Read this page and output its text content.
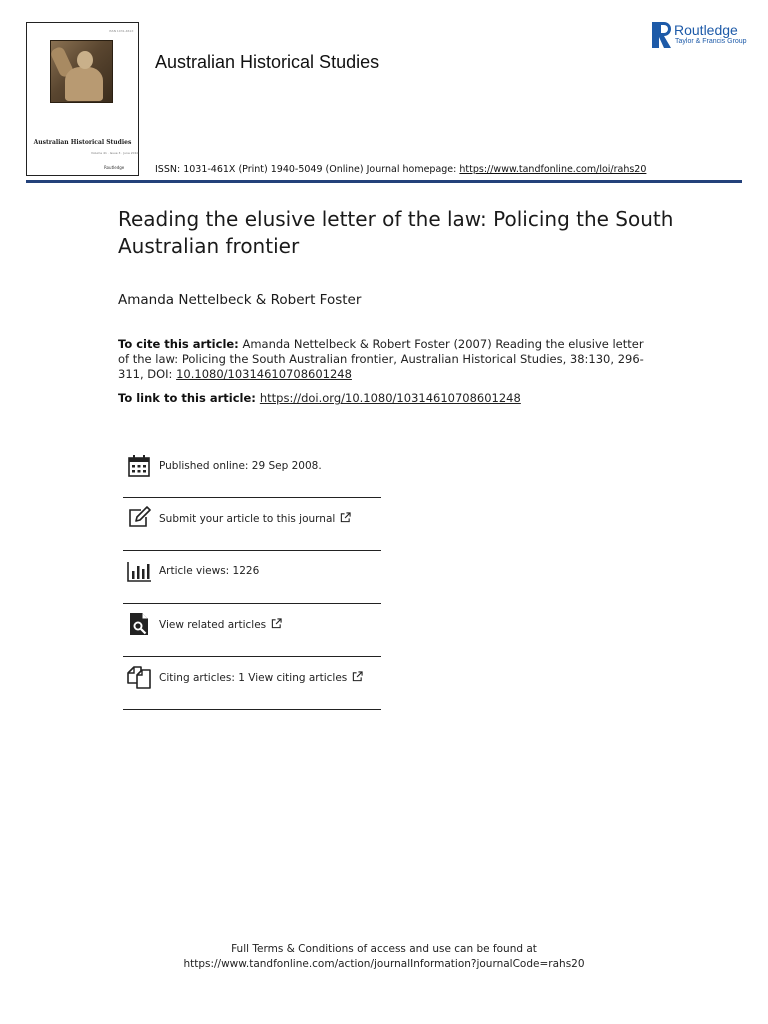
ISSN 1031-461X
Australian Historical Studies
Volume 41 · Issue 3 · June 2010
Routledge
Australian Historical Studies
Routledge
Taylor & Francis Group
ISSN: 1031-461X (Print) 1940-5049 (Online) Journal homepage: https://www.tandfonline.com/loi/rahs20
Reading the elusive letter of the law: Policing the South Australian frontier
Amanda Nettelbeck & Robert Foster
To cite this article: Amanda Nettelbeck & Robert Foster (2007) Reading the elusive letter of the law: Policing the South Australian frontier, Australian Historical Studies, 38:130, 296-311, DOI: 10.1080/10314610708601248
To link to this article: https://doi.org/10.1080/10314610708601248
Published online: 29 Sep 2008.
Submit your article to this journal
Article views: 1226
View related articles
Citing articles: 1 View citing articles
Full Terms & Conditions of access and use can be found at
https://www.tandfonline.com/action/journalInformation?journalCode=rahs20
